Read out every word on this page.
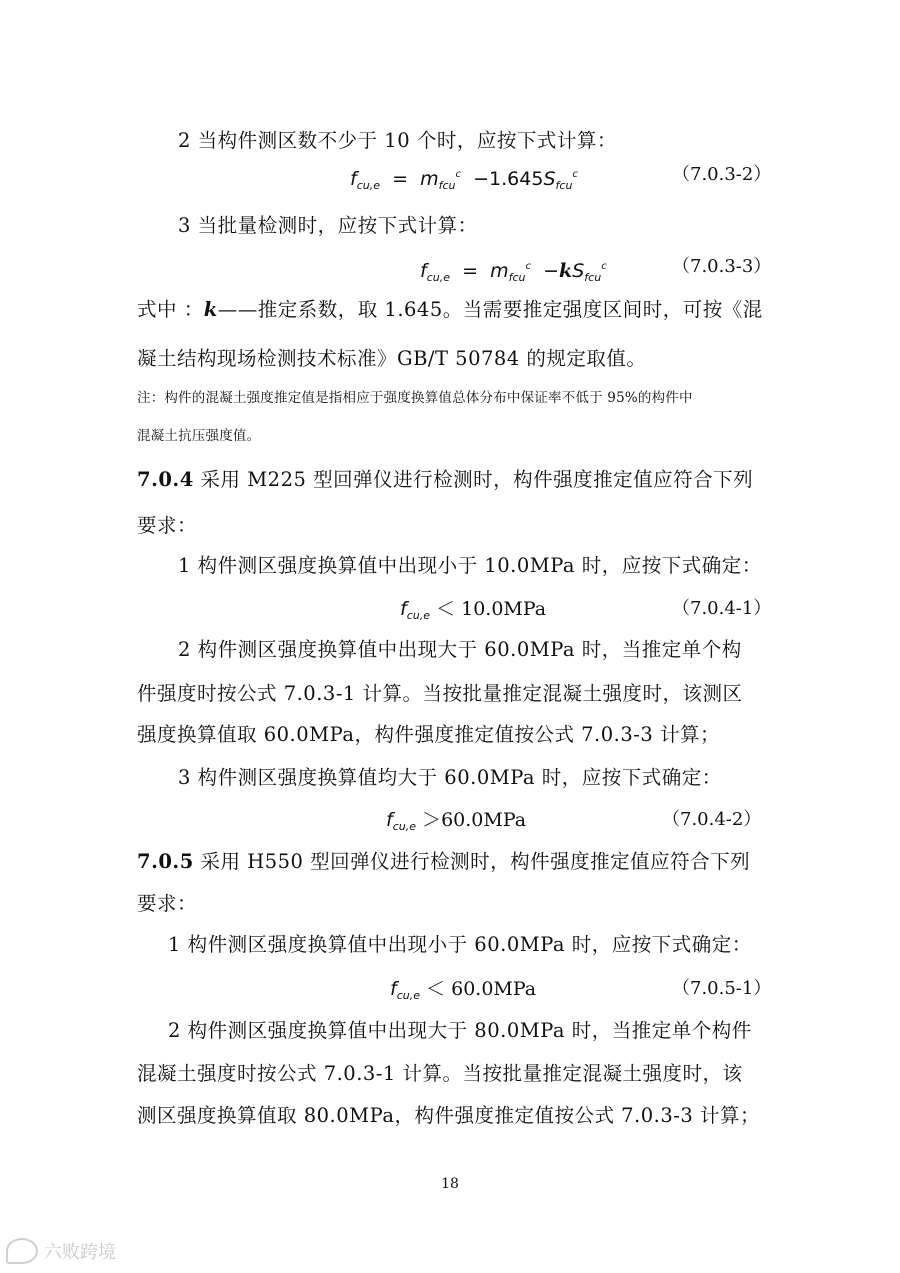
2 当构件测区数不少于 10 个时，应按下式计算：
$f_{cu,e} = m_{fcu}^c -1.645S_{fcu}^c$	（7.0.3-2）
3 当批量检测时，应按下式计算：
$f_{cu,e} = m_{fcu}^c -kS_{fcu}^c$	（7.0.3-3）
式中 ：k——推定系数，取 1.645。当需要推定强度区间时，可按《混
凝土结构现场检测技术标准》GB/T 50784 的规定取值。
注：构件的混凝土强度推定值是指相应于强度换算值总体分布中保证率不低于 95%的构件中
混凝土抗压强度值。
7.0.4 采用 M225 型回弹仪进行检测时，构件强度推定值应符合下列
要求：
1 构件测区强度换算值中出现小于 10.0MPa 时，应按下式确定：
$f_{cu,e} < 10.0MPa$	（7.0.4-1）
2 构件测区强度换算值中出现大于 60.0MPa 时，当推定单个构
件强度时按公式 7.0.3-1 计算。当按批量推定混凝土强度时，该测区
强度换算值取 60.0MPa，构件强度推定值按公式 7.0.3-3 计算；
3 构件测区强度换算值均大于 60.0MPa 时，应按下式确定：
$f_{cu,e} >60.0MPa$	（7.0.4-2）
7.0.5 采用 H550 型回弹仪进行检测时，构件强度推定值应符合下列
要求：
1 构件测区强度换算值中出现小于 60.0MPa 时，应按下式确定：
$f_{cu,e} < 60.0MPa$	（7.0.5-1）
2 构件测区强度换算值中出现大于 80.0MPa 时，当推定单个构件
混凝土强度时按公式 7.0.3-1 计算。当按批量推定混凝土强度时，该
测区强度换算值取 80.0MPa，构件强度推定值按公式 7.0.3-3 计算；
18
六败跨境
